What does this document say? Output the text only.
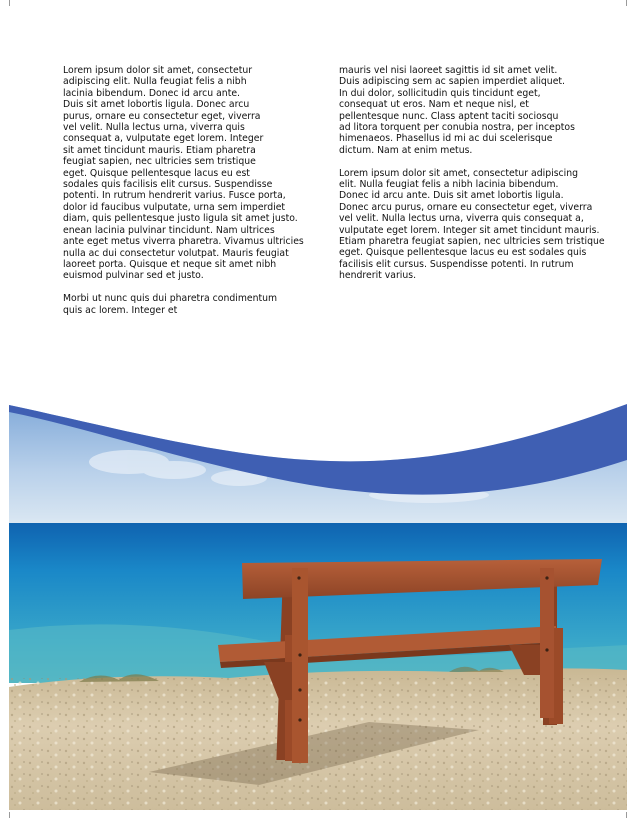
Lorem ipsum dolor sit amet, consectetur
adipiscing elit. Nulla feugiat felis a nibh
lacinia bibendum. Donec id arcu ante.
Duis sit amet lobortis ligula. Donec arcu
purus, ornare eu consectetur eget, viverra
vel velit. Nulla lectus urna, viverra quis
consequat a, vulputate eget lorem. Integer
sit amet tincidunt mauris. Etiam pharetra
feugiat sapien, nec ultricies sem tristique
eget. Quisque pellentesque lacus eu est
sodales quis facilisis elit cursus. Suspendisse
potenti. In rutrum hendrerit varius. Fusce porta,
dolor id faucibus vulputate, urna sem imperdiet
diam, quis pellentesque justo ligula sit amet justo.
enean lacinia pulvinar tincidunt. Nam ultrices
ante eget metus viverra pharetra. Vivamus ultricies
nulla ac dui consectetur volutpat. Mauris feugiat
laoreet porta. Quisque et neque sit amet nibh
euismod pulvinar sed et justo.

Morbi ut nunc quis dui pharetra condimentum
quis ac lorem. Integer et

mauris vel nisi laoreet sagittis id sit amet velit.
Duis adipiscing sem ac sapien imperdiet aliquet.
In dui dolor, sollicitudin quis tincidunt eget,
consequat ut eros. Nam et neque nisl, et
pellentesque nunc. Class aptent taciti sociosqu
ad litora torquent per conubia nostra, per inceptos
himenaeos. Phasellus id mi ac dui scelerisque
dictum. Nam at enim metus.

Lorem ipsum dolor sit amet, consectetur adipiscing
elit. Nulla feugiat felis a nibh lacinia bibendum.
Donec id arcu ante. Duis sit amet lobortis ligula.
Donec arcu purus, ornare eu consectetur eget, viverra
vel velit. Nulla lectus urna, viverra quis consequat a,
vulputate eget lorem. Integer sit amet tincidunt mauris.
Etiam pharetra feugiat sapien, nec ultricies sem tristique
eget. Quisque pellentesque lacus eu est sodales quis
facilisis elit cursus. Suspendisse potenti. In rutrum
hendrerit varius.
